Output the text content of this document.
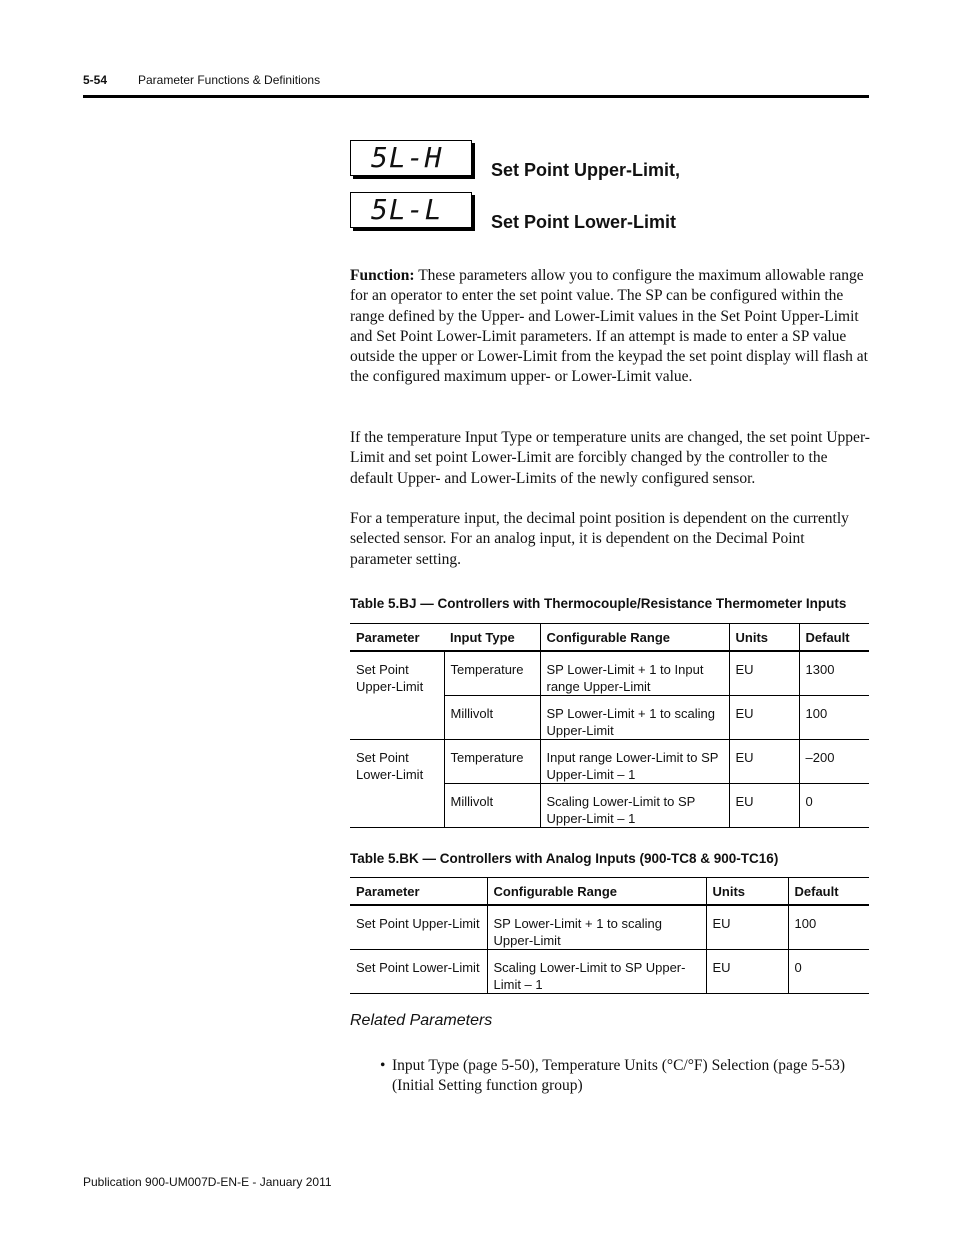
5-54	Parameter Functions & Definitions
5L-H
5L-L
Set Point Upper-Limit,
Set Point Lower-Limit

Function: These parameters allow you to configure the maximum allowable range for an operator to enter the set point value. The SP can be configured within the range defined by the Upper- and Lower-Limit values in the Set Point Upper-Limit and Set Point Lower-Limit parameters. If an attempt is made to enter a SP value outside the upper or Lower-Limit from the keypad the set point display will flash at the configured maximum upper- or Lower-Limit value.

If the temperature Input Type or temperature units are changed, the set point Upper-Limit and set point Lower-Limit are forcibly changed by the controller to the default Upper- and Lower-Limits of the newly configured sensor.

For a temperature input, the decimal point position is dependent on the currently selected sensor. For an analog input, it is dependent on the Decimal Point parameter setting.

Table 5.BJ — Controllers with Thermocouple/Resistance Thermometer Inputs
Parameter	Input Type	Configurable Range	Units	Default
Set Point Upper-Limit	Temperature	SP Lower-Limit + 1 to Input range Upper-Limit	EU	1300
	Millivolt	SP Lower-Limit + 1 to scaling Upper-Limit	EU	100
Set Point Lower-Limit	Temperature	Input range Lower-Limit to SP Upper-Limit – 1	EU	–200
	Millivolt	Scaling Lower-Limit to SP Upper-Limit – 1	EU	0
Table 5.BK — Controllers with Analog Inputs (900-TC8 & 900-TC16)
Parameter	Configurable Range	Units	Default
Set Point Upper-Limit	SP Lower-Limit + 1 to scaling Upper-Limit	EU	100
Set Point Lower-Limit	Scaling Lower-Limit to SP Upper-Limit – 1	EU	0
Related Parameters
• Input Type (page 5-50), Temperature Units (°C/°F) Selection (page 5-53) (Initial Setting function group)
Publication 900-UM007D-EN-E - January 2011
